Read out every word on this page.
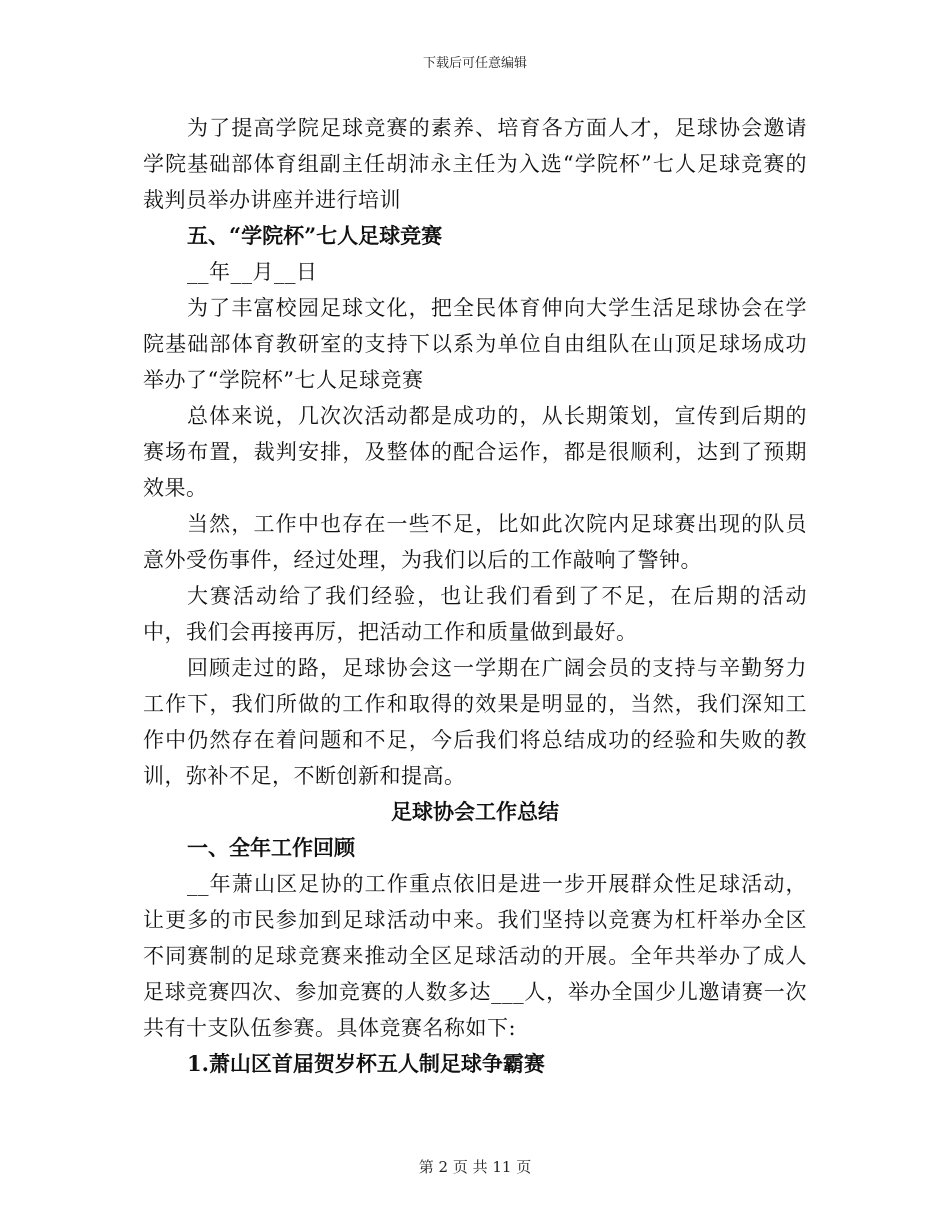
下载后可任意编辑

为了提高学院足球竞赛的素养、培育各方面人才，足球协会邀请学院基础部体育组副主任胡沛永主任为入选“学院杯”七人足球竞赛的裁判员举办讲座并进行培训

五、“学院杯”七人足球竞赛

__年__月__日

为了丰富校园足球文化，把全民体育伸向大学生活足球协会在学院基础部体育教研室的支持下以系为单位自由组队在山顶足球场成功举办了“学院杯”七人足球竞赛

总体来说，几次次活动都是成功的，从长期策划，宣传到后期的赛场布置，裁判安排，及整体的配合运作，都是很顺利，达到了预期效果。

当然，工作中也存在一些不足，比如此次院内足球赛出现的队员意外受伤事件，经过处理，为我们以后的工作敲响了警钟。

大赛活动给了我们经验，也让我们看到了不足，在后期的活动中，我们会再接再厉，把活动工作和质量做到最好。

回顾走过的路，足球协会这一学期在广阔会员的支持与辛勤努力工作下，我们所做的工作和取得的效果是明显的，当然，我们深知工作中仍然存在着问题和不足，今后我们将总结成功的经验和失败的教训，弥补不足，不断创新和提高。

足球协会工作总结

一、全年工作回顾

__年萧山区足协的工作重点依旧是进一步开展群众性足球活动，让更多的市民参加到足球活动中来。我们坚持以竞赛为杠杆举办全区不同赛制的足球竞赛来推动全区足球活动的开展。全年共举办了成人足球竞赛四次、参加竞赛的人数多达___人，举办全国少儿邀请赛一次共有十支队伍参赛。具体竞赛名称如下:

1.萧山区首届贺岁杯五人制足球争霸赛

第 2 页 共 11 页
